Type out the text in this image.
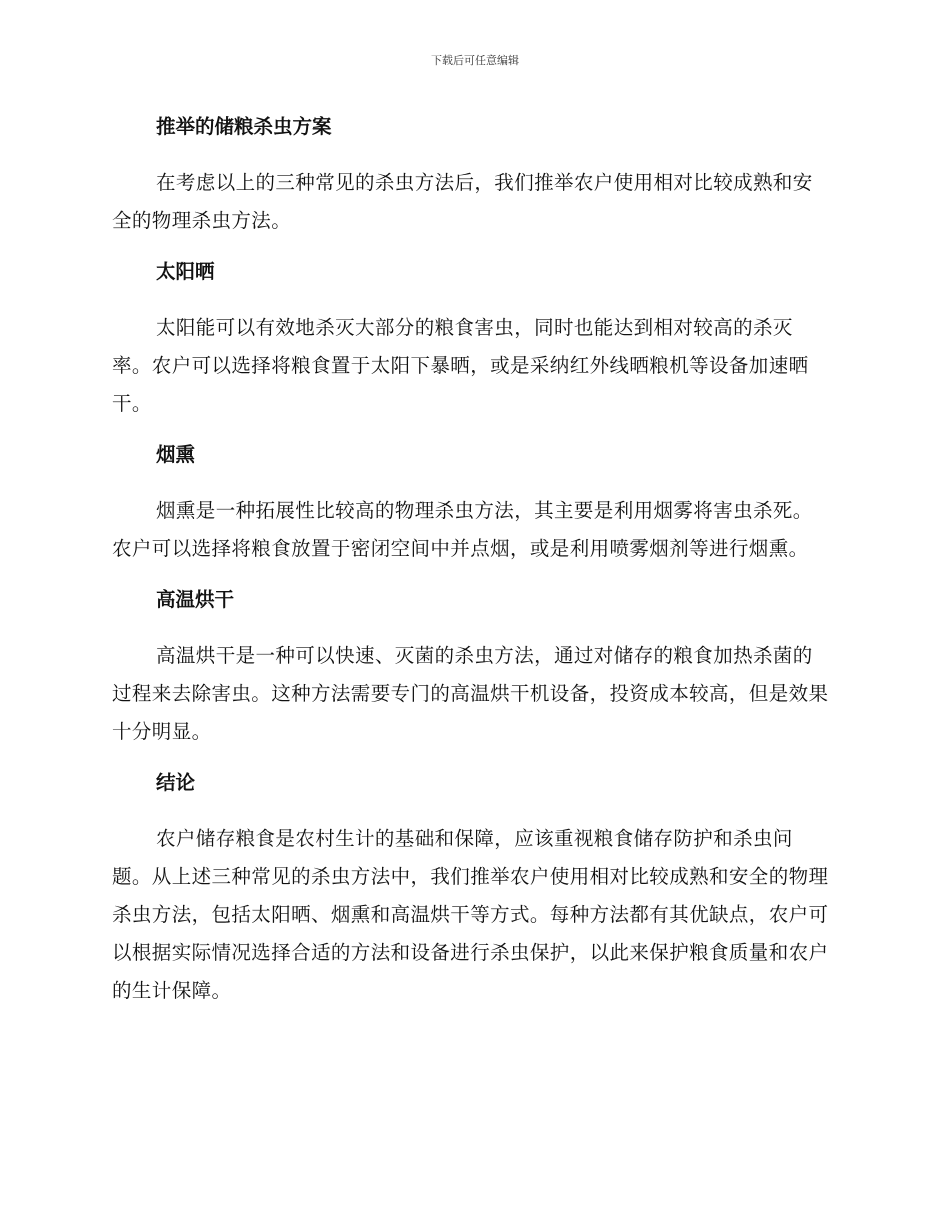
下载后可任意编辑
推举的储粮杀虫方案

在考虑以上的三种常见的杀虫方法后，我们推举农户使用相对比较成熟和安全的物理杀虫方法。

太阳晒

太阳能可以有效地杀灭大部分的粮食害虫，同时也能达到相对较高的杀灭率。农户可以选择将粮食置于太阳下暴晒，或是采纳红外线晒粮机等设备加速晒干。

烟熏

烟熏是一种拓展性比较高的物理杀虫方法，其主要是利用烟雾将害虫杀死。农户可以选择将粮食放置于密闭空间中并点烟，或是利用喷雾烟剂等进行烟熏。

高温烘干

高温烘干是一种可以快速、灭菌的杀虫方法，通过对储存的粮食加热杀菌的过程来去除害虫。这种方法需要专门的高温烘干机设备，投资成本较高，但是效果十分明显。

结论

农户储存粮食是农村生计的基础和保障，应该重视粮食储存防护和杀虫问题。从上述三种常见的杀虫方法中，我们推举农户使用相对比较成熟和安全的物理杀虫方法，包括太阳晒、烟熏和高温烘干等方式。每种方法都有其优缺点，农户可以根据实际情况选择合适的方法和设备进行杀虫保护，以此来保护粮食质量和农户的生计保障。
